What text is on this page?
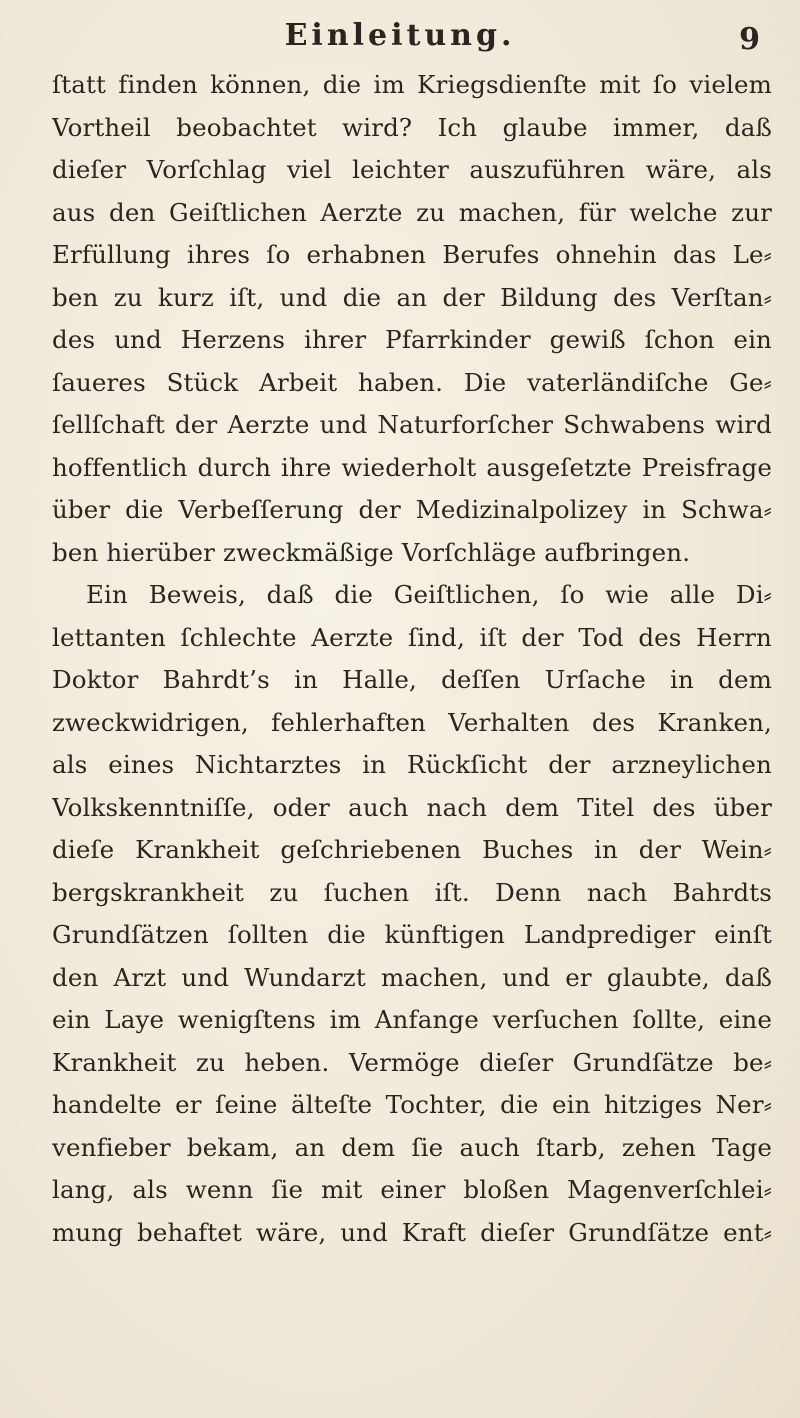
Einleitung.	9
ſtatt finden können, die im Kriegsdienſte mit ſo vielem
Vortheil beobachtet wird? Ich glaube immer, daß
dieſer Vorſchlag viel leichter auszuführen wäre, als
aus den Geiſtlichen Aerzte zu machen, für welche zur
Erfüllung ihres ſo erhabnen Berufes ohnehin das Le⸗
ben zu kurz iſt, und die an der Bildung des Verſtan⸗
des und Herzens ihrer Pfarrkinder gewiß ſchon ein
ſaueres Stück Arbeit haben. Die vaterländiſche Ge⸗
ſellſchaft der Aerzte und Naturforſcher Schwabens wird
hoffentlich durch ihre wiederholt ausgeſetzte Preisfrage
über die Verbeſſerung der Medizinalpolizey in Schwa⸗
ben hierüber zweckmäßige Vorſchläge aufbringen.
Ein Beweis, daß die Geiſtlichen, ſo wie alle Di⸗
lettanten ſchlechte Aerzte ſind, iſt der Tod des Herrn
Doktor Bahrdt’s in Halle, deſſen Urſache in dem
zweckwidrigen, fehlerhaften Verhalten des Kranken,
als eines Nichtarztes in Rückſicht der arzneylichen
Volkskenntniſſe, oder auch nach dem Titel des über
dieſe Krankheit geſchriebenen Buches in der Wein⸗
bergskrankheit zu ſuchen iſt. Denn nach Bahrdts
Grundſätzen ſollten die künftigen Landprediger einſt
den Arzt und Wundarzt machen, und er glaubte, daß
ein Laye wenigſtens im Anfange verſuchen ſollte, eine
Krankheit zu heben. Vermöge dieſer Grundſätze be⸗
handelte er ſeine älteſte Tochter, die ein hitziges Ner⸗
venfieber bekam, an dem ſie auch ſtarb, zehen Tage
lang, als wenn ſie mit einer bloßen Magenverſchlei⸗
mung behaftet wäre, und Kraft dieſer Grundſätze ent⸗
